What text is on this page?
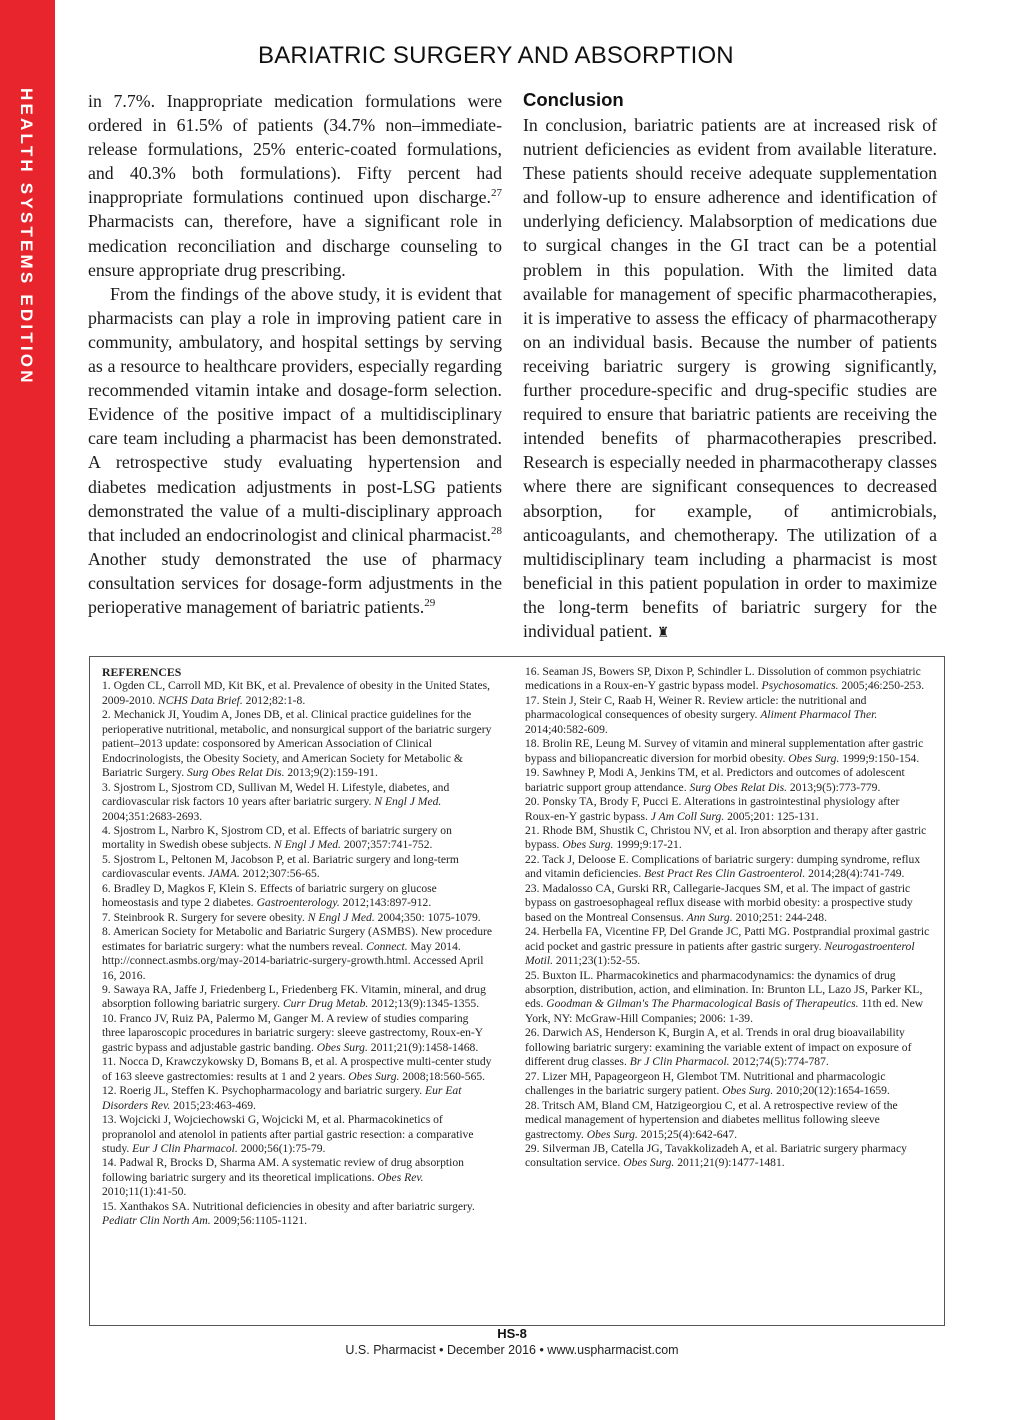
HEALTH SYSTEMS EDITION
BARIATRIC SURGERY AND ABSORPTION

in 7.7%. Inappropriate medication formulations were ordered in 61.5% of patients (34.7% non–immediate-release formulations, 25% enteric-coated formulations, and 40.3% both formulations). Fifty percent had inappropriate formulations continued upon discharge.$^{27}$ Pharmacists can, therefore, have a significant role in medication reconciliation and discharge counseling to ensure appropriate drug prescribing.

From the findings of the above study, it is evident that pharmacists can play a role in improving patient care in community, ambulatory, and hospital settings by serving as a resource to healthcare providers, especially regarding recommended vitamin intake and dosage-form selection. Evidence of the positive impact of a multidisciplinary care team including a pharmacist has been demonstrated. A retrospective study evaluating hypertension and diabetes medication adjustments in post-LSG patients demonstrated the value of a multi-disciplinary approach that included an endocrinologist and clinical pharmacist.$^{28}$ Another study demonstrated the use of pharmacy consultation services for dosage-form adjustments in the perioperative management of bariatric patients.$^{29}$

Conclusion

In conclusion, bariatric patients are at increased risk of nutrient deficiencies as evident from available literature. These patients should receive adequate supplementation and follow-up to ensure adherence and identification of underlying deficiency. Malabsorption of medications due to surgical changes in the GI tract can be a potential problem in this population. With the limited data available for management of specific pharmacotherapies, it is imperative to assess the efficacy of pharmacotherapy on an individual basis. Because the number of patients receiving bariatric surgery is growing significantly, further procedure-specific and drug-specific studies are required to ensure that bariatric patients are receiving the intended benefits of pharmacotherapies prescribed. Research is especially needed in pharmacotherapy classes where there are significant consequences to decreased absorption, for example, of antimicrobials, anticoagulants, and chemotherapy. The utilization of a multidisciplinary team including a pharmacist is most beneficial in this patient population in order to maximize the long-term benefits of bariatric surgery for the individual patient. ♜

REFERENCES

1. Ogden CL, Carroll MD, Kit BK, et al. Prevalence of obesity in the United States, 2009-2010. NCHS Data Brief. 2012;82:1-8.

2. Mechanick JI, Youdim A, Jones DB, et al. Clinical practice guidelines for the perioperative nutritional, metabolic, and nonsurgical support of the bariatric surgery patient–2013 update: cosponsored by American Association of Clinical Endocrinologists, the Obesity Society, and American Society for Metabolic & Bariatric Surgery. Surg Obes Relat Dis. 2013;9(2):159-191.

3. Sjostrom L, Sjostrom CD, Sullivan M, Wedel H. Lifestyle, diabetes, and cardiovascular risk factors 10 years after bariatric surgery. N Engl J Med. 2004;351:2683-2693.

4. Sjostrom L, Narbro K, Sjostrom CD, et al. Effects of bariatric surgery on mortality in Swedish obese subjects. N Engl J Med. 2007;357:741-752.

5. Sjostrom L, Peltonen M, Jacobson P, et al. Bariatric surgery and long-term cardiovascular events. JAMA. 2012;307:56-65.

6. Bradley D, Magkos F, Klein S. Effects of bariatric surgery on glucose homeostasis and type 2 diabetes. Gastroenterology. 2012;143:897-912.

7. Steinbrook R. Surgery for severe obesity. N Engl J Med. 2004;350: 1075-1079.

8. American Society for Metabolic and Bariatric Surgery (ASMBS). New procedure estimates for bariatric surgery: what the numbers reveal. Connect. May 2014. http://connect.asmbs.org/may-2014-bariatric-surgery-growth.html. Accessed April 16, 2016.

9. Sawaya RA, Jaffe J, Friedenberg L, Friedenberg FK. Vitamin, mineral, and drug absorption following bariatric surgery. Curr Drug Metab. 2012;13(9):1345-1355.

10. Franco JV, Ruiz PA, Palermo M, Ganger M. A review of studies comparing three laparoscopic procedures in bariatric surgery: sleeve gastrectomy, Roux-en-Y gastric bypass and adjustable gastric banding. Obes Surg. 2011;21(9):1458-1468.

11. Nocca D, Krawczykowsky D, Bomans B, et al. A prospective multi-center study of 163 sleeve gastrectomies: results at 1 and 2 years. Obes Surg. 2008;18:560-565.

12. Roerig JL, Steffen K. Psychopharmacology and bariatric surgery. Eur Eat Disorders Rev. 2015;23:463-469.

13. Wojcicki J, Wojciechowski G, Wojcicki M, et al. Pharmacokinetics of propranolol and atenolol in patients after partial gastric resection: a comparative study. Eur J Clin Pharmacol. 2000;56(1):75-79.

14. Padwal R, Brocks D, Sharma AM. A systematic review of drug absorption following bariatric surgery and its theoretical implications. Obes Rev. 2010;11(1):41-50.

15. Xanthakos SA. Nutritional deficiencies in obesity and after bariatric surgery. Pediatr Clin North Am. 2009;56:1105-1121.

16. Seaman JS, Bowers SP, Dixon P, Schindler L. Dissolution of common psychiatric medications in a Roux-en-Y gastric bypass model. Psychosomatics. 2005;46:250-253.

17. Stein J, Steir C, Raab H, Weiner R. Review article: the nutritional and pharmacological consequences of obesity surgery. Aliment Pharmacol Ther. 2014;40:582-609.

18. Brolin RE, Leung M. Survey of vitamin and mineral supplementation after gastric bypass and biliopancreatic diversion for morbid obesity. Obes Surg. 1999;9:150-154.

19. Sawhney P, Modi A, Jenkins TM, et al. Predictors and outcomes of adolescent bariatric support group attendance. Surg Obes Relat Dis. 2013;9(5):773-779.

20. Ponsky TA, Brody F, Pucci E. Alterations in gastrointestinal physiology after Roux-en-Y gastric bypass. J Am Coll Surg. 2005;201: 125-131.

21. Rhode BM, Shustik C, Christou NV, et al. Iron absorption and therapy after gastric bypass. Obes Surg. 1999;9:17-21.

22. Tack J, Deloose E. Complications of bariatric surgery: dumping syndrome, reflux and vitamin deficiencies. Best Pract Res Clin Gastroenterol. 2014;28(4):741-749.

23. Madalosso CA, Gurski RR, Callegarie-Jacques SM, et al. The impact of gastric bypass on gastroesophageal reflux disease with morbid obesity: a prospective study based on the Montreal Consensus. Ann Surg. 2010;251: 244-248.

24. Herbella FA, Vicentine FP, Del Grande JC, Patti MG. Postprandial proximal gastric acid pocket and gastric pressure in patients after gastric surgery. Neurogastroenterol Motil. 2011;23(1):52-55.

25. Buxton IL. Pharmacokinetics and pharmacodynamics: the dynamics of drug absorption, distribution, action, and elimination. In: Brunton LL, Lazo JS, Parker KL, eds. Goodman & Gilman's The Pharmacological Basis of Therapeutics. 11th ed. New York, NY: McGraw-Hill Companies; 2006: 1-39.

26. Darwich AS, Henderson K, Burgin A, et al. Trends in oral drug bioavailability following bariatric surgery: examining the variable extent of impact on exposure of different drug classes. Br J Clin Pharmacol. 2012;74(5):774-787.

27. Lizer MH, Papageorgeon H, Glembot TM. Nutritional and pharmacologic challenges in the bariatric surgery patient. Obes Surg. 2010;20(12):1654-1659.

28. Tritsch AM, Bland CM, Hatzigeorgiou C, et al. A retrospective review of the medical management of hypertension and diabetes mellitus following sleeve gastrectomy. Obes Surg. 2015;25(4):642-647.

29. Silverman JB, Catella JG, Tavakkolizadeh A, et al. Bariatric surgery pharmacy consultation service. Obes Surg. 2011;21(9):1477-1481.

HS-8
U.S. Pharmacist • December 2016 • www.uspharmacist.com
